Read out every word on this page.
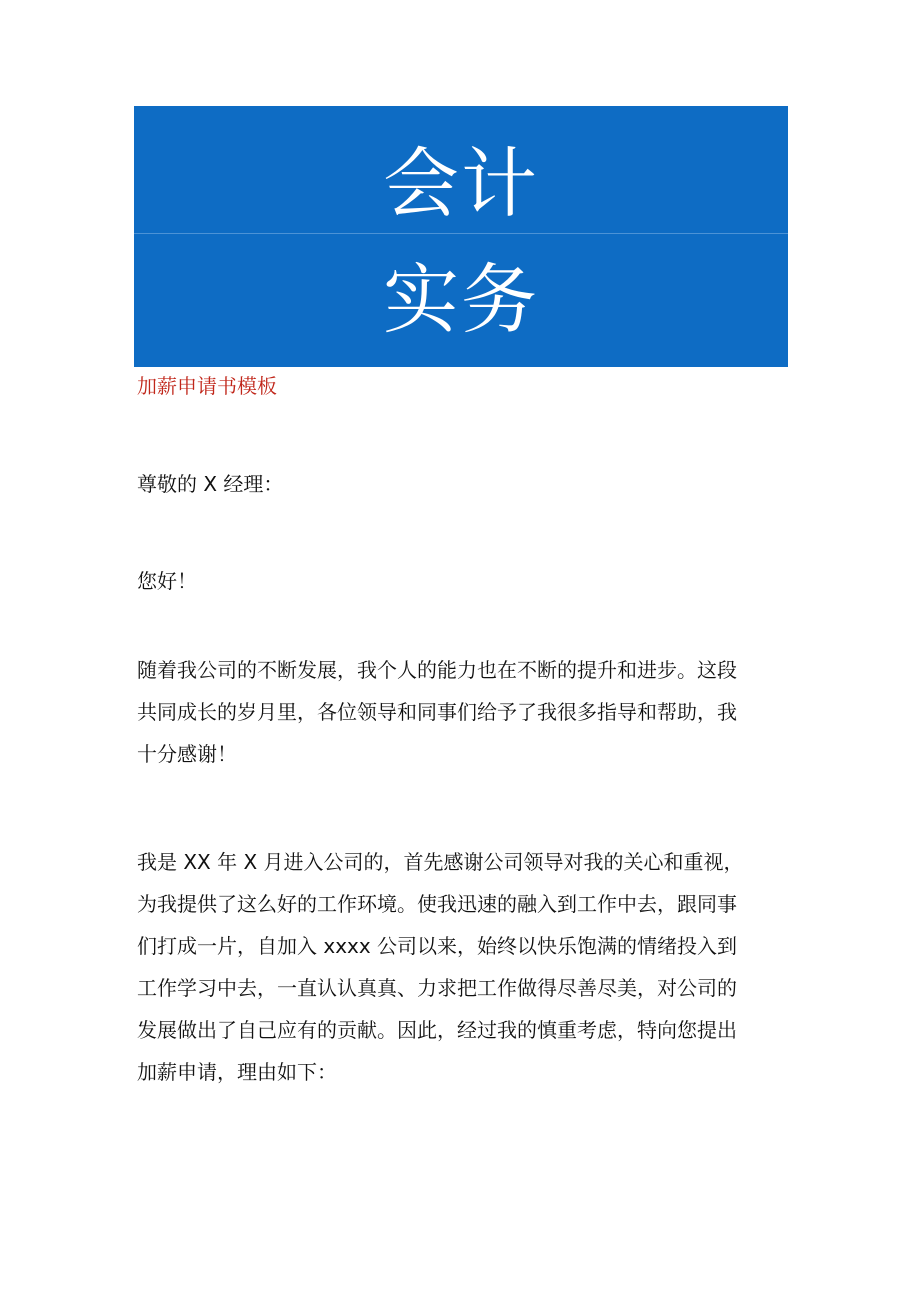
会计
实务
加薪申请书模板
尊敬的 X 经理：
您好！
随着我公司的不断发展，我个人的能力也在不断的提升和进步。这段
共同成长的岁月里，各位领导和同事们给予了我很多指导和帮助，我
十分感谢！
我是 XX 年 X 月进入公司的，首先感谢公司领导对我的关心和重视，
为我提供了这么好的工作环境。使我迅速的融入到工作中去，跟同事
们打成一片，自加入 xxxx 公司以来，始终以快乐饱满的情绪投入到
工作学习中去，一直认认真真、力求把工作做得尽善尽美，对公司的
发展做出了自己应有的贡献。因此，经过我的慎重考虑，特向您提出
加薪申请，理由如下：
